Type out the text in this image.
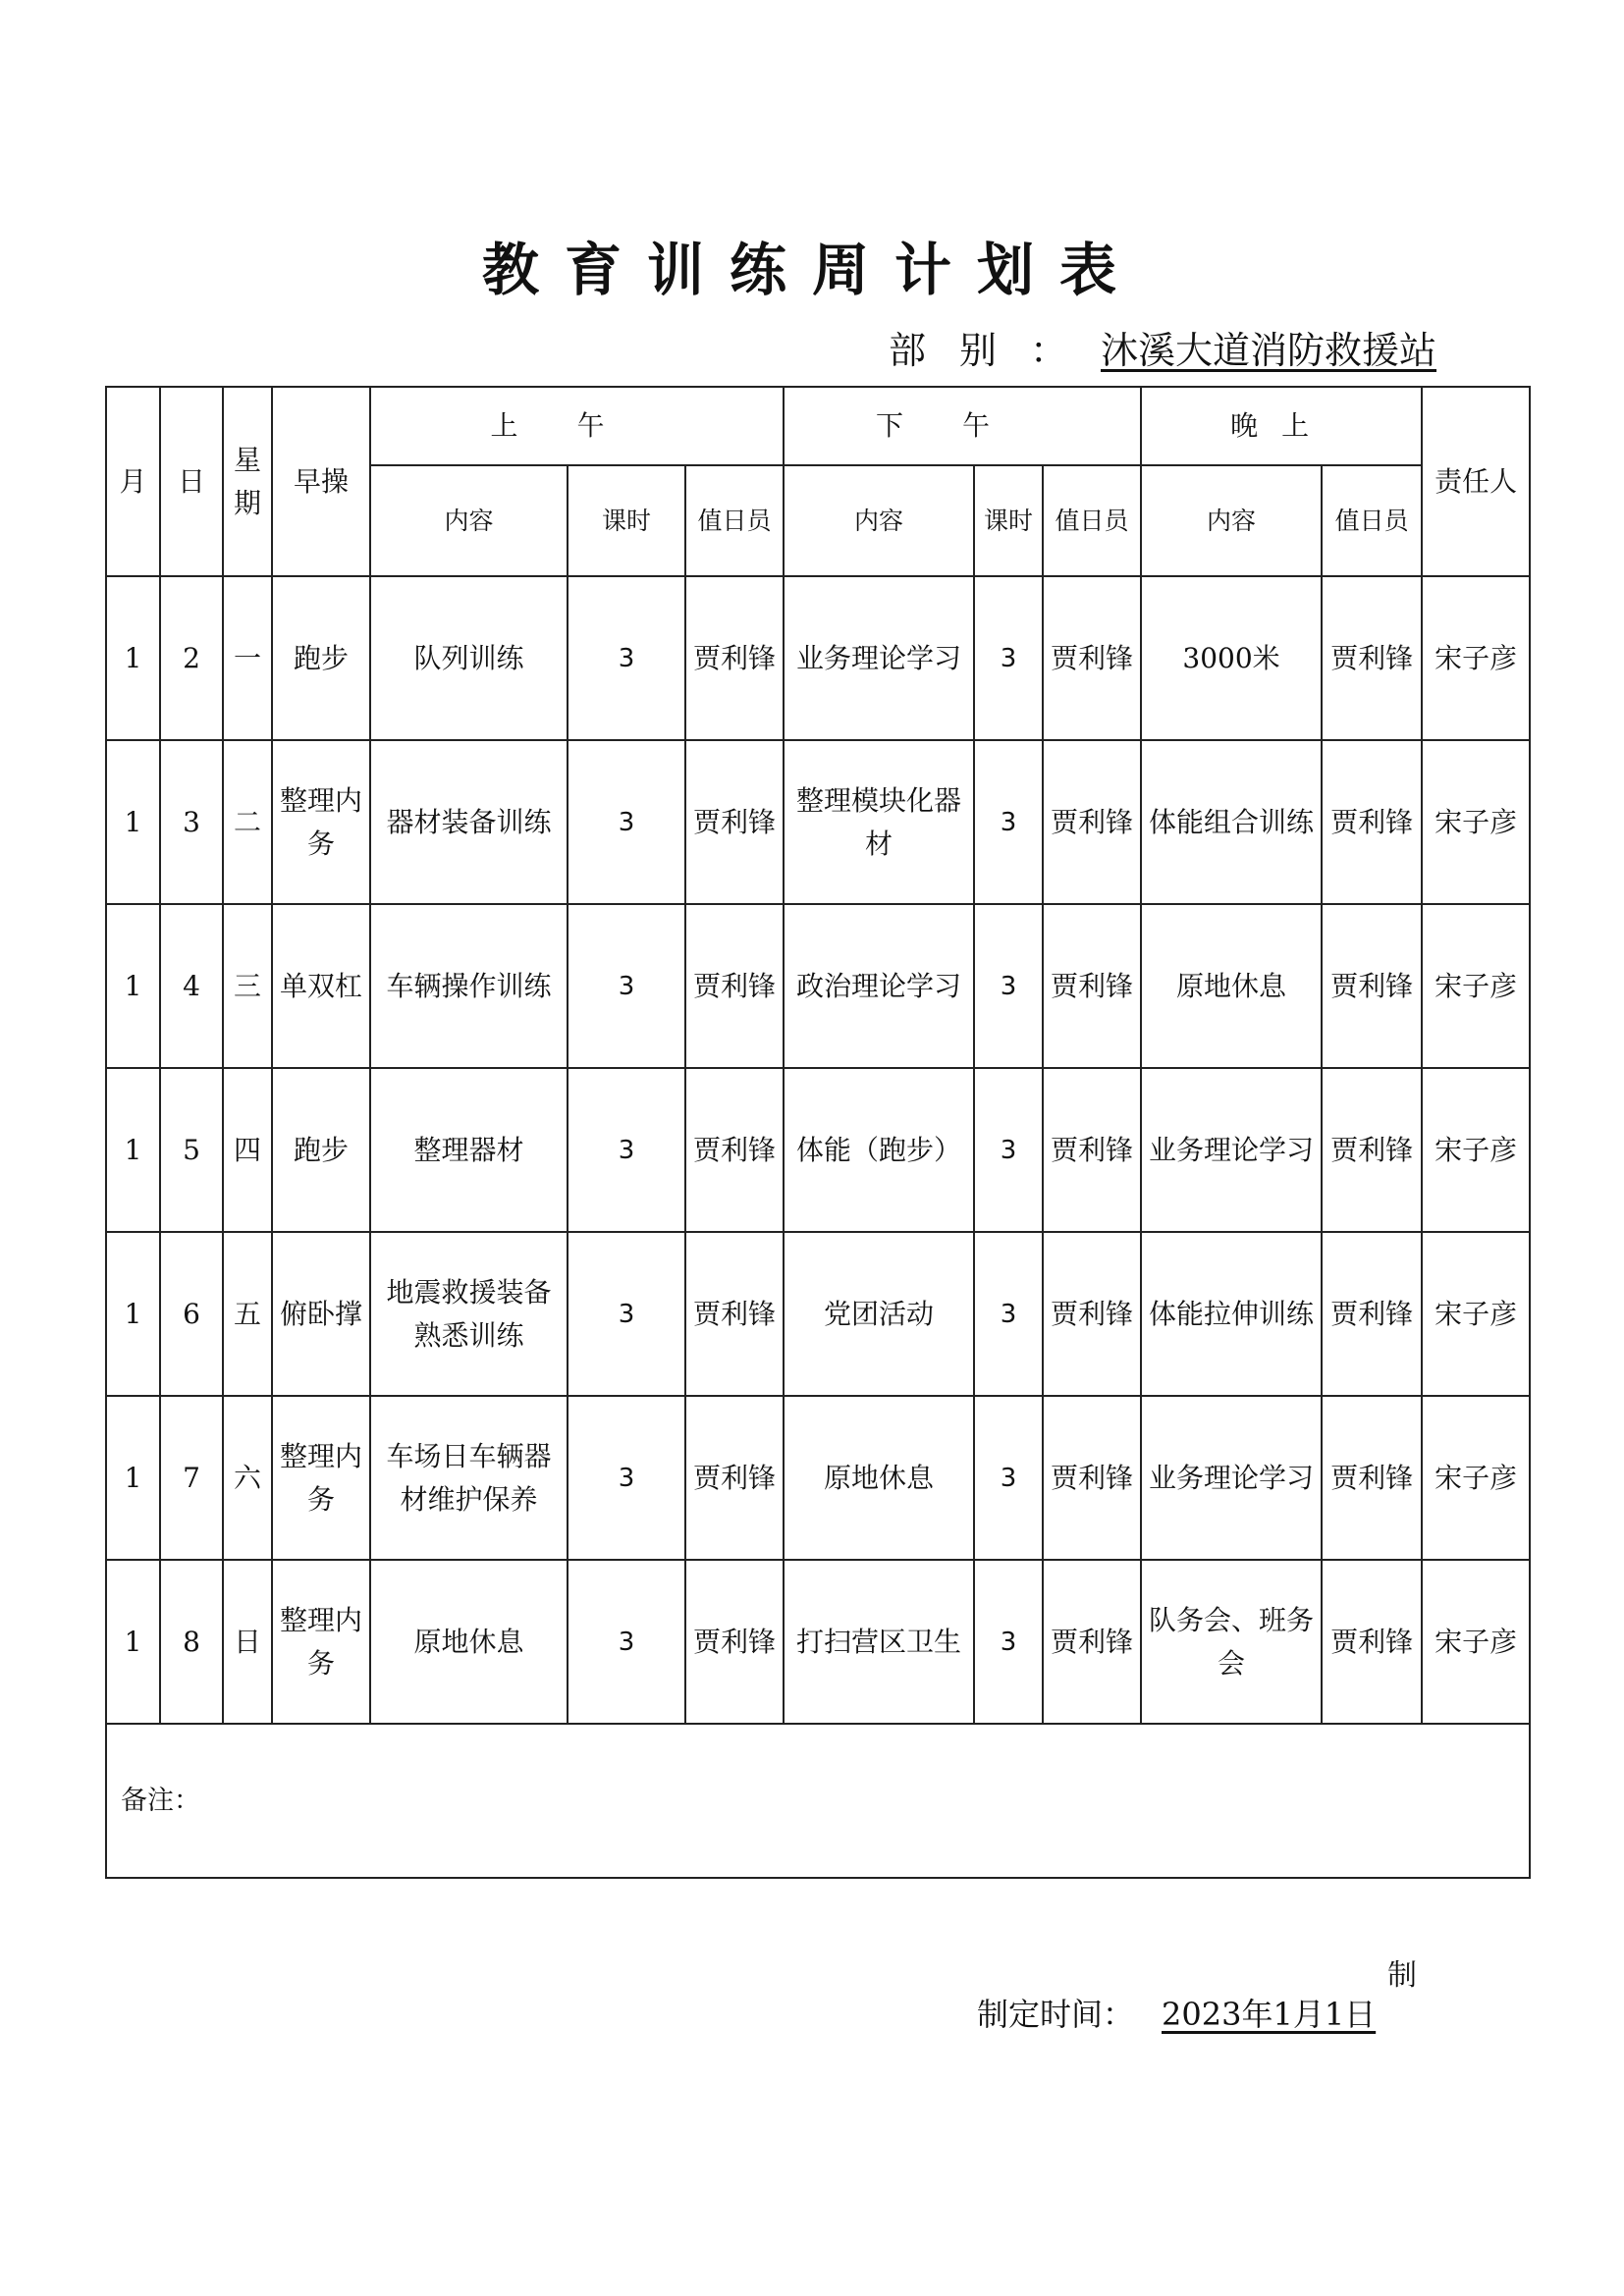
教育训练周计划表
部别：沐溪大道消防救援站
月	日	星期	早操	上午			下午			晚上		责任人
				内容	课时	值日员	内容	课时	值日员	内容	值日员	
1	2	一	跑步	队列训练	3	贾利锋	业务理论学习	3	贾利锋	3000米	贾利锋	宋子彦
1	3	二	整理内务	器材装备训练	3	贾利锋	整理模块化器材	3	贾利锋	体能组合训练	贾利锋	宋子彦
1	4	三	单双杠	车辆操作训练	3	贾利锋	政治理论学习	3	贾利锋	原地休息	贾利锋	宋子彦
1	5	四	跑步	整理器材	3	贾利锋	体能（跑步）	3	贾利锋	业务理论学习	贾利锋	宋子彦
1	6	五	俯卧撑	地震救援装备熟悉训练	3	贾利锋	党团活动	3	贾利锋	体能拉伸训练	贾利锋	宋子彦
1	7	六	整理内务	车场日车辆器材维护保养	3	贾利锋	原地休息	3	贾利锋	业务理论学习	贾利锋	宋子彦
1	8	日	整理内务	原地休息	3	贾利锋	打扫营区卫生	3	贾利锋	队务会、班务会	贾利锋	宋子彦
备注：												
制
制定时间： 2023年1月1日
